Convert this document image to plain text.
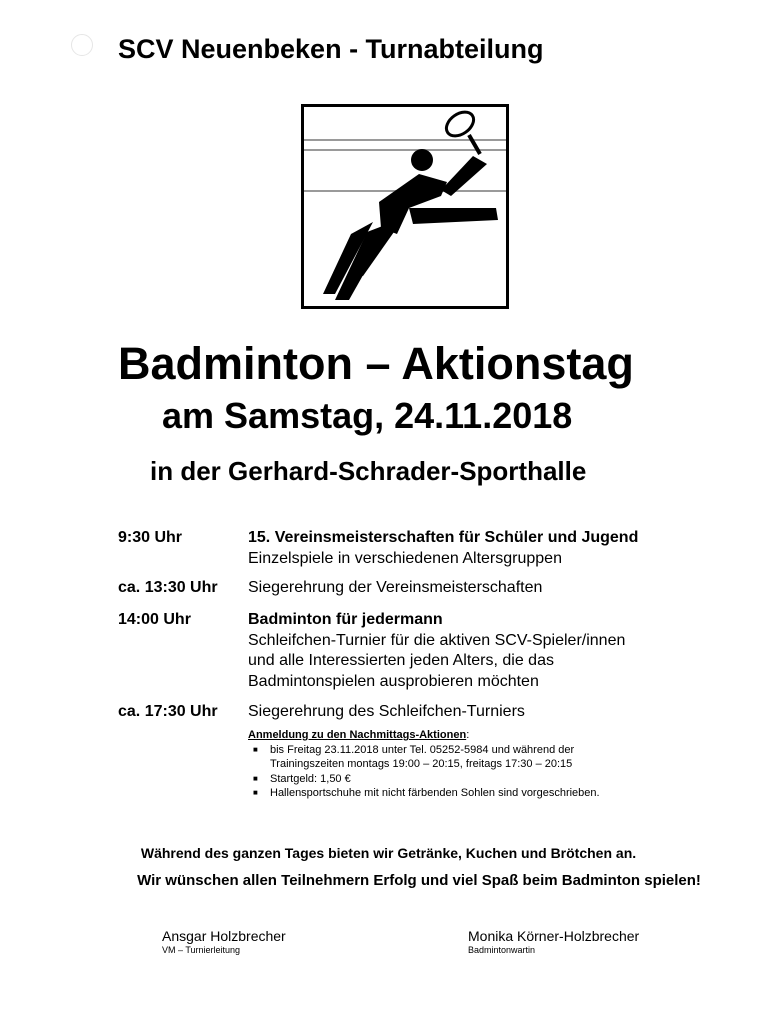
SCV Neuenbeken - Turnabteilung
Badminton – Aktionstag
am Samstag, 24.11.2018
in der Gerhard-Schrader-Sporthalle
9:30 Uhr	15. Vereinsmeisterschaften für Schüler und Jugend
Einzelspiele in verschiedenen Altersgruppen
ca. 13:30 Uhr Siegerehrung der Vereinsmeisterschaften
14:00 Uhr	Badminton für jedermann
Schleifchen-Turnier für die aktiven SCV-Spieler/innen
und alle Interessierten jeden Alters, die das
Badmintonspielen ausprobieren möchten
ca. 17:30 Uhr Siegerehrung des Schleifchen-Turniers
Anmeldung zu den Nachmittags-Aktionen:
■ bis Freitag 23.11.2018 unter Tel. 05252-5984 und während der
Trainingszeiten montags 19:00 – 20:15, freitags 17:30 – 20:15
■ Startgeld: 1,50 €
■ Hallensportschuhe mit nicht färbenden Sohlen sind vorgeschrieben.
Während des ganzen Tages bieten wir Getränke, Kuchen und Brötchen an.
Wir wünschen allen Teilnehmern Erfolg und viel Spaß beim Badminton spielen!
Ansgar Holzbrecher
VM – Turnierleitung
Monika Körner-Holzbrecher
Badmintonwartin
